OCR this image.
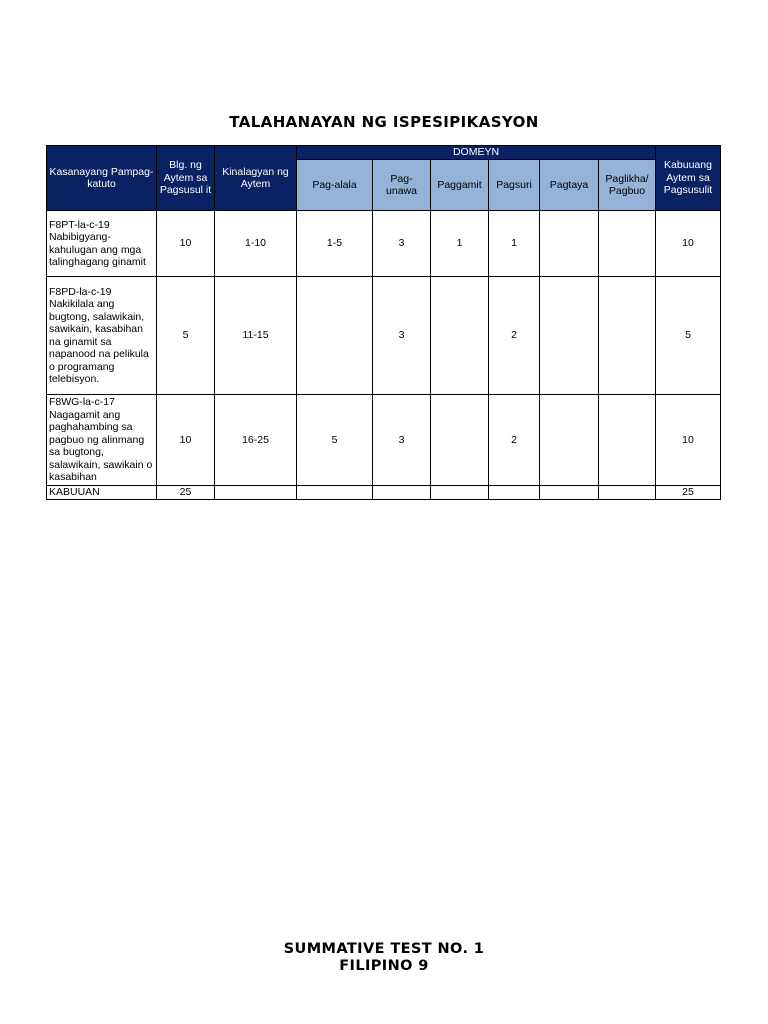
TALAHANAYAN NG ISPESIPIKASYON
Kasanayang Pampag-katuto	Blg. ng Aytem sa Pagsusul it	Kinalagyan ng Aytem	DOMEYN						Kabuuang Aytem sa Pagsusulit
			Pag-alala	Pag-unawa	Paggamit	Pagsuri	Pagtaya	Paglikha/ Pagbuo	
F8PT-la-c-19 Nabibigyang-kahulugan ang mga talinghagang ginamit	10	1-10	1-5	3	1	1			10
F8PD-la-c-19 Nakikilala ang bugtong, salawikain, sawikain, kasabihan na ginamit sa napanood na pelikula o programang telebisyon.	5	11-15		3		2			5
F8WG-la-c-17 Nagagamit ang paghahambing sa pagbuo ng alinmang sa bugtong, salawikain, sawikain o kasabihan	10	16-25	5	3		2			10
KABUUAN	25								25
SUMMATIVE TEST NO. 1
FILIPINO 9
